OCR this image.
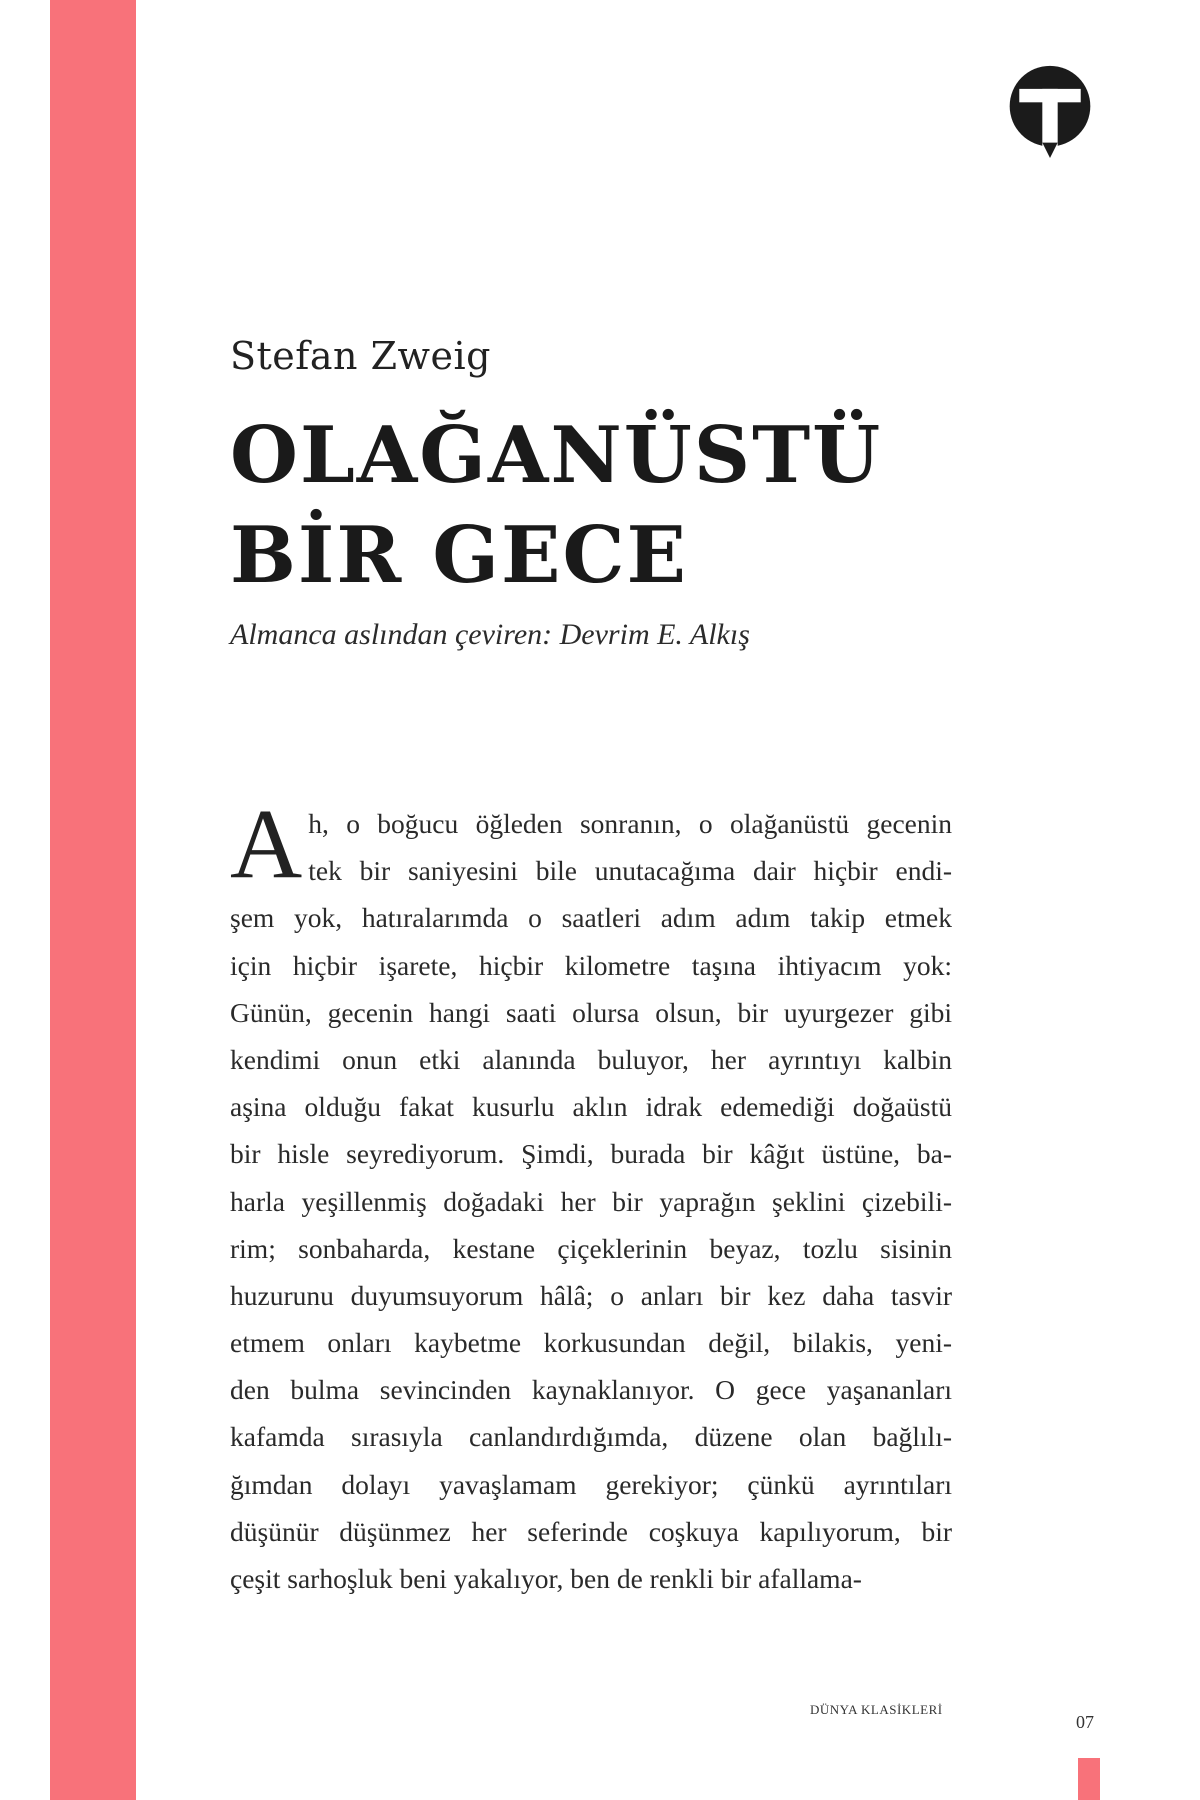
Stefan Zweig
OLAĞANÜSTÜ
BİR GECE
Almanca aslından çeviren: Devrim E. Alkış
A h, o boğucu öğleden sonranın, o olağanüstü gecenin
tek bir saniyesini bile unutacağıma dair hiçbir endi-
şem yok, hatıralarımda o saatleri adım adım takip etmek
için hiçbir işarete, hiçbir kilometre taşına ihtiyacım yok:
Günün, gecenin hangi saati olursa olsun, bir uyurgezer gibi
kendimi onun etki alanında buluyor, her ayrıntıyı kalbin
aşina olduğu fakat kusurlu aklın idrak edemediği doğaüstü
bir hisle seyrediyorum. Şimdi, burada bir kâğıt üstüne, ba-
harla yeşillenmiş doğadaki her bir yaprağın şeklini çizebili-
rim; sonbaharda, kestane çiçeklerinin beyaz, tozlu sisinin
huzurunu duyumsuyorum hâlâ; o anları bir kez daha tasvir
etmem onları kaybetme korkusundan değil, bilakis, yeni-
den bulma sevincinden kaynaklanıyor. O gece yaşananları
kafamda sırasıyla canlandırdığımda, düzene olan bağlılı-
ğımdan dolayı yavaşlamam gerekiyor; çünkü ayrıntıları
düşünür düşünmez her seferinde coşkuya kapılıyorum, bir
çeşit sarhoşluk beni yakalıyor, ben de renkli bir afallama-
DÜNYA KLASİKLERİ
07
